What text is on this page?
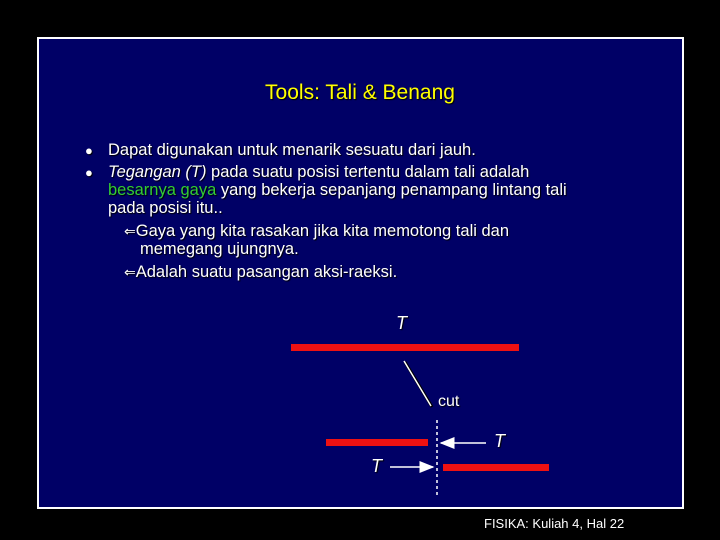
Tools: Tali & Benang
● Dapat digunakan untuk menarik sesuatu dari jauh.
● Tegangan (T) pada suatu posisi tertentu dalam tali adalah
besarnya gaya yang bekerja sepanjang penampang lintang tali
pada posisi itu..
⇐Gaya yang kita rasakan jika kita memotong tali dan
memegang ujungnya.
⇐Adalah suatu pasangan aksi-raeksi.
T
cut
T
T
FISIKA: Kuliah 4, Hal 22
